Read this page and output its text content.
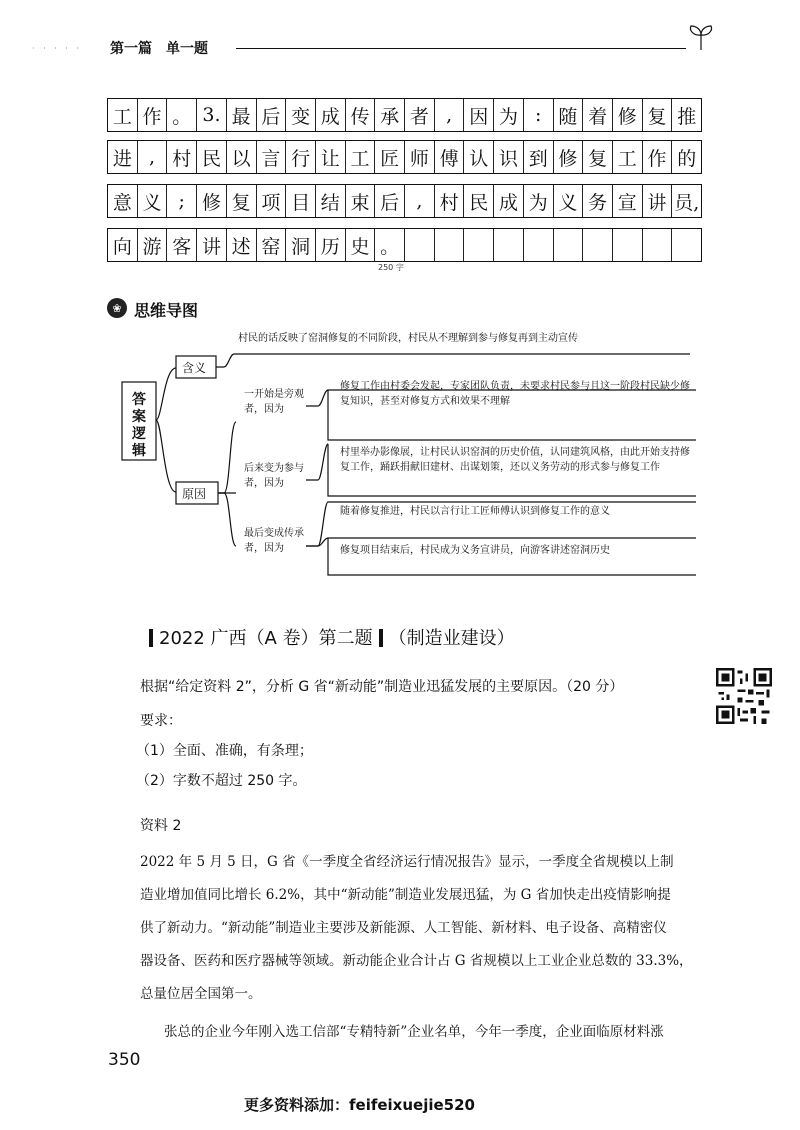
· · · · · 第一篇　单一题
工 作 。 3. 最 后 变 成 传 承 者 , 因 为 : 随 着 修 复 推
进 , 村 民 以 言 行 让 工 匠 师 傅 认 识 到 修 复 工 作 的
意 义 ; 修 复 项 目 结 束 后 , 村 民 成 为 义 务 宣 讲 员,
向 游 客 讲 述 窑 洞 历 史 。
250 字
❀ 思维导图
答案逻辑
含义
村民的话反映了窑洞修复的不同阶段，村民从不理解到参与修复再到主动宣传
原因
一开始是旁观者，因为
修复工作由村委会发起，专家团队负责，未要求村民参与且这一阶段村民缺少修复知识，甚至对修复方式和效果不理解
后来变为参与者，因为
村里举办影像展，让村民认识窑洞的历史价值，认同建筑风格，由此开始支持修复工作，踊跃捐献旧建材、出谋划策，还以义务劳动的形式参与修复工作
最后变成传承者，因为
随着修复推进，村民以言行让工匠师傅认识到修复工作的意义
修复项目结束后，村民成为义务宣讲员，向游客讲述窑洞历史
2022 广西（A 卷）第二题 （制造业建设）
根据“给定资料 2”，分析 G 省“新动能”制造业迅猛发展的主要原因。（20 分）
要求：
（1）全面、准确，有条理；
（2）字数不超过 250 字。
资料 2
2022 年 5 月 5 日，G 省《一季度全省经济运行情况报告》显示，一季度全省规模以上制
造业增加值同比增长 6.2%，其中“新动能”制造业发展迅猛，为 G 省加快走出疫情影响提
供了新动力。“新动能”制造业主要涉及新能源、人工智能、新材料、电子设备、高精密仪
器设备、医药和医疗器械等领域。新动能企业合计占 G 省规模以上工业企业总数的 33.3%，
总量位居全国第一。
张总的企业今年刚入选工信部“专精特新”企业名单，今年一季度，企业面临原材料涨
350
更多资料添加：feifeixuejie520
